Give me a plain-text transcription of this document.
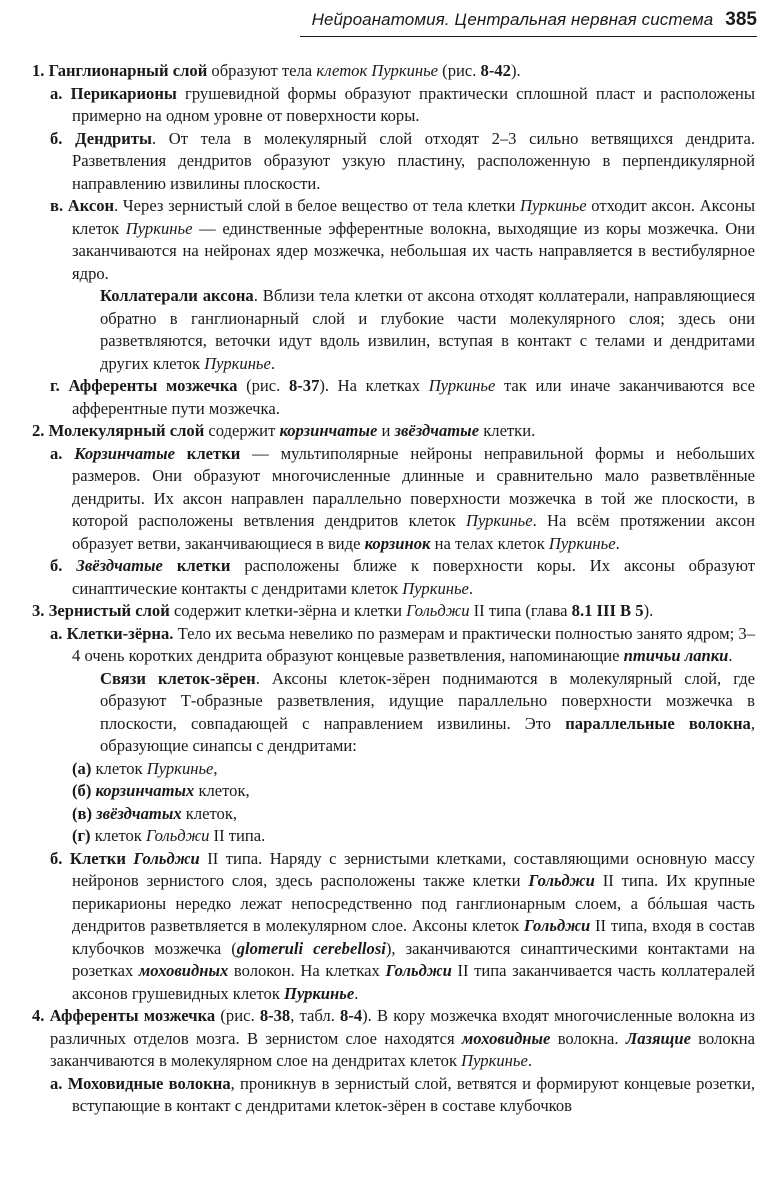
Нейроанатомия. Центральная нервная система 385

1. Ганглионарный слой образуют тела клеток Пуркинье (рис. 8-42).

а. Перикарионы грушевидной формы образуют практически сплошной пласт и расположены примерно на одном уровне от поверхности коры.

б. Дендриты. От тела в молекулярный слой отходят 2–3 сильно ветвящихся дендрита. Разветвления дендритов образуют узкую пластину, расположенную в перпендикулярной направлению извилины плоскости.

в. Аксон. Через зернистый слой в белое вещество от тела клетки Пуркинье отходит аксон. Аксоны клеток Пуркинье — единственные эфферентные волокна, выходящие из коры мозжечка. Они заканчиваются на нейронах ядер мозжечка, небольшая их часть направляется в вестибулярное ядро.

Коллатерали аксона. Вблизи тела клетки от аксона отходят коллатерали, направляющиеся обратно в ганглионарный слой и глубокие части молекулярного слоя; здесь они разветвляются, веточки идут вдоль извилин, вступая в контакт с телами и дендритами других клеток Пуркинье.

г. Афференты мозжечка (рис. 8-37). На клетках Пуркинье так или иначе заканчиваются все афферентные пути мозжечка.

2. Молекулярный слой содержит корзинчатые и звёздчатые клетки.

а. Корзинчатые клетки — мультиполярные нейроны неправильной формы и небольших размеров. Они образуют многочисленные длинные и сравнительно мало разветвлённые дендриты. Их аксон направлен параллельно поверхности мозжечка в той же плоскости, в которой расположены ветвления дендритов клеток Пуркинье. На всём протяжении аксон образует ветви, заканчивающиеся в виде корзинок на телах клеток Пуркинье.

б. Звёздчатые клетки расположены ближе к поверхности коры. Их аксоны образуют синаптические контакты с дендритами клеток Пуркинье.

3. Зернистый слой содержит клетки-зёрна и клетки Гольджи II типа (глава 8.1 III В 5).

а. Клетки-зёрна. Тело их весьма невелико по размерам и практически полностью занято ядром; 3–4 очень коротких дендрита образуют концевые разветвления, напоминающие птичьи лапки.

Связи клеток-зёрен. Аксоны клеток-зёрен поднимаются в молекулярный слой, где образуют Т-образные разветвления, идущие параллельно поверхности мозжечка в плоскости, совпадающей с направлением извилины. Это параллельные волокна, образующие синапсы с дендритами:

(а) клеток Пуркинье,

(б) корзинчатых клеток,

(в) звёздчатых клеток,

(г) клеток Гольджи II типа.

б. Клетки Гольджи II типа. Наряду с зернистыми клетками, составляющими основную массу нейронов зернистого слоя, здесь расположены также клетки Гольджи II типа. Их крупные перикарионы нередко лежат непосредственно под ганглионарным слоем, а бóльшая часть дендритов разветвляется в молекулярном слое. Аксоны клеток Гольджи II типа, входя в состав клубочков мозжечка (glomeruli cerebellosi), заканчиваются синаптическими контактами на розетках моховидных волокон. На клетках Гольджи II типа заканчивается часть коллатералей аксонов грушевидных клеток Пуркинье.

4. Афференты мозжечка (рис. 8-38, табл. 8-4). В кору мозжечка входят многочисленные волокна из различных отделов мозга. В зернистом слое находятся моховидные волокна. Лазящие волокна заканчиваются в молекулярном слое на дендритах клеток Пуркинье.

а. Моховидные волокна, проникнув в зернистый слой, ветвятся и формируют концевые розетки, вступающие в контакт с дендритами клеток-зёрен в составе клубочков
